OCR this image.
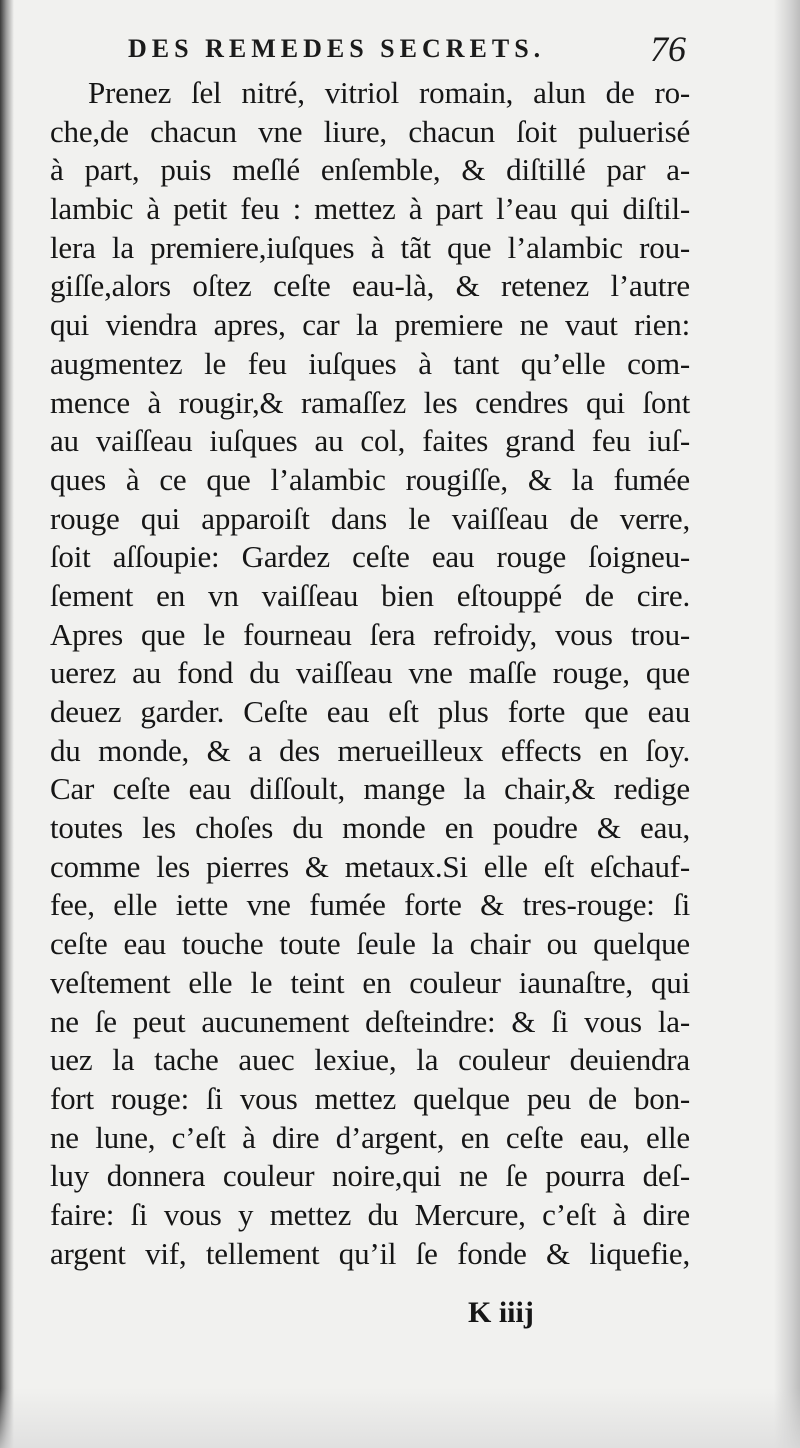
DES REMEDES SECRETS.	76
Prenez ſel nitré, vitriol romain, alun de ro-
che,de chacun vne liure, chacun ſoit puluerisé
à part, puis meſlé enſemble, & diſtillé par a-
lambic à petit feu : mettez à part l’eau qui diſtil-
lera la premiere,iuſques à tãt que l’alambic rou-
giſſe,alors oſtez ceſte eau-là, & retenez l’autre
qui viendra apres, car la premiere ne vaut rien:
augmentez le feu iuſques à tant qu’elle com-
mence à rougir,& ramaſſez les cendres qui ſont
au vaiſſeau iuſques au col, faites grand feu iuſ-
ques à ce que l’alambic rougiſſe, & la fumée
rouge qui apparoiſt dans le vaiſſeau de verre,
ſoit aſſoupie: Gardez ceſte eau rouge ſoigneu-
ſement en vn vaiſſeau bien eſtouppé de cire.
Apres que le fourneau ſera refroidy, vous trou-
uerez au fond du vaiſſeau vne maſſe rouge, que
deuez garder. Ceſte eau eſt plus forte que eau
du monde, & a des merueilleux effects en ſoy.
Car ceſte eau diſſoult, mange la chair,& redige
toutes les choſes du monde en poudre & eau,
comme les pierres & metaux.Si elle eſt eſchauf-
fee, elle iette vne fumée forte & tres-rouge: ſi
ceſte eau touche toute ſeule la chair ou quelque
veſtement elle le teint en couleur iaunaſtre, qui
ne ſe peut aucunement deſteindre: & ſi vous la-
uez la tache auec lexiue, la couleur deuiendra
fort rouge: ſi vous mettez quelque peu de bon-
ne lune, c’eſt à dire d’argent, en ceſte eau, elle
luy donnera couleur noire,qui ne ſe pourra deſ-
faire: ſi vous y mettez du Mercure, c’eſt à dire
argent vif, tellement qu’il ſe fonde & liquefie,
K iiij
